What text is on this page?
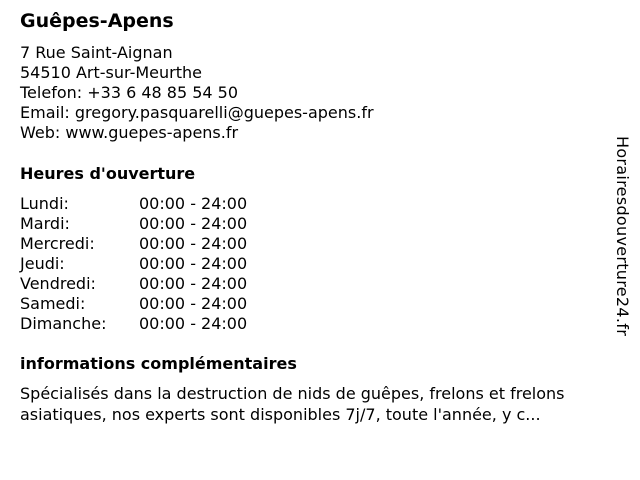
Guêpes-Apens
7 Rue Saint-Aignan
54510 Art-sur-Meurthe
Telefon: +33 6 48 85 54 50
Email: gregory.pasquarelli@guepes-apens.fr
Web: www.guepes-apens.fr
Heures d'ouverture
Lundi:	00:00 - 24:00
Mardi:	00:00 - 24:00
Mercredi:	00:00 - 24:00
Jeudi:	00:00 - 24:00
Vendredi:	00:00 - 24:00
Samedi:	00:00 - 24:00
Dimanche: 00:00 - 24:00
informations complémentaires
Spécialisés dans la destruction de nids de guêpes, frelons et frelons
asiatiques, nos experts sont disponibles 7j/7, toute l'année, y c...
Horairesdouverture24.fr
